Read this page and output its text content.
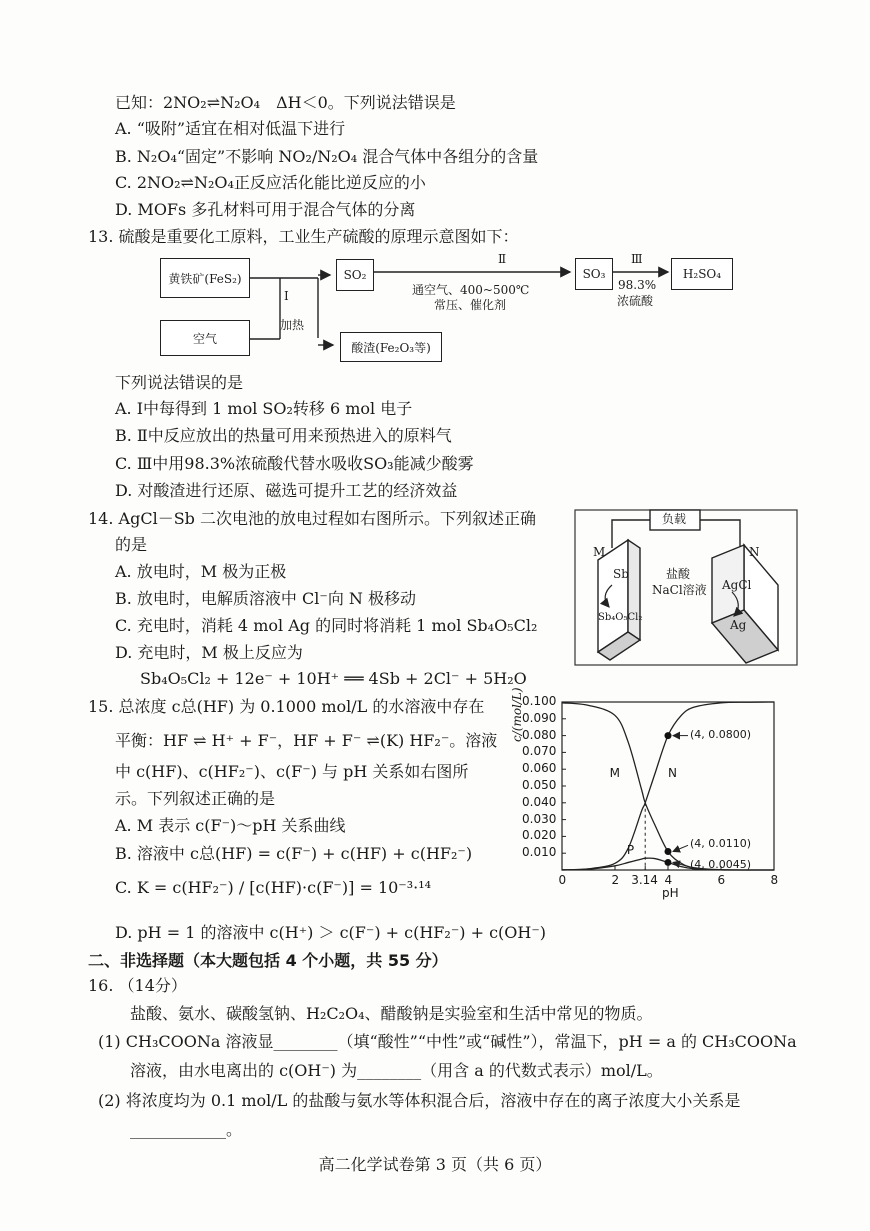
已知：2NO₂⇌N₂O₄　ΔH＜0。下列说法错误是
A. “吸附”适宜在相对低温下进行
B. N₂O₄“固定”不影响 NO₂/N₂O₄ 混合气体中各组分的含量
C. 2NO₂⇌N₂O₄正反应活化能比逆反应的小
D. MOFs 多孔材料可用于混合气体的分离
13. 硫酸是重要化工原料，工业生产硫酸的原理示意图如下：
黄铁矿(FeS₂)
空气
SO₂
酸渣(Fe₂O₃等)
SO₃	H₂SO₄
Ⅰ
加热
Ⅱ
通空气、400~500℃
常压、催化剂
Ⅲ
98.3%
浓硫酸
下列说法错误的是
A. Ⅰ中每得到 1 mol SO₂转移 6 mol 电子
B. Ⅱ中反应放出的热量可用来预热进入的原料气
C. Ⅲ中用98.3%浓硫酸代替水吸收SO₃能减少酸雾
D. 对酸渣进行还原、磁选可提升工艺的经济效益
14. AgCl－Sb 二次电池的放电过程如右图所示。下列叙述正确
的是
A. 放电时，M 极为正极
B. 放电时，电解质溶液中 Cl⁻向 N 极移动
C. 充电时，消耗 4 mol Ag 的同时将消耗 1 mol Sb₄O₅Cl₂
D. 充电时，M 极上反应为
Sb₄O₅Cl₂ + 12e⁻ + 10H⁺ ══ 4Sb + 2Cl⁻ + 5H₂O
负载
M	N
盐酸
NaCl溶液
Sb
Sb₄O₅Cl₂
AgCl
Ag
15. 总浓度 c总(HF) 为 0.1000 mol/L 的水溶液中存在
平衡：HF ⇌ H⁺ + F⁻，HF + F⁻ ⇌(K) HF₂⁻。溶液
中 c(HF)、c(HF₂⁻)、c(F⁻) 与 pH 关系如右图所
示。下列叙述正确的是
A. M 表示 c(F⁻)～pH 关系曲线
B. 溶液中 c总(HF) = c(F⁻) + c(HF) + c(HF₂⁻)
C. K = c(HF₂⁻) / [c(HF)·c(F⁻)] = 10⁻³·¹⁴
D. pH = 1 的溶液中 c(H⁺) ＞ c(F⁻) + c(HF₂⁻) + c(OH⁻)
c/(mol/L)
pH
0.100
0.090
0.080
0.070
0.060
0.050
0.040
0.030
0.020
0.010
0	2 3.14 4	6	8
M	N
P
(4, 0.0800)
(4, 0.0110)
(4, 0.0045)
二、非选择题（本大题包括 4 个小题，共 55 分）
16. （14分）
盐酸、氨水、碳酸氢钠、H₂C₂O₄、醋酸钠是实验室和生活中常见的物质。
(1) CH₃COONa 溶液显________（填“酸性”“中性”或“碱性”），常温下，pH = a 的 CH₃COONa
溶液，由水电离出的 c(OH⁻) 为________（用含 a 的代数式表示）mol/L。
(2) 将浓度均为 0.1 mol/L 的盐酸与氨水等体积混合后，溶液中存在的离子浓度大小关系是
____________。
高二化学试卷第 3 页（共 6 页）
